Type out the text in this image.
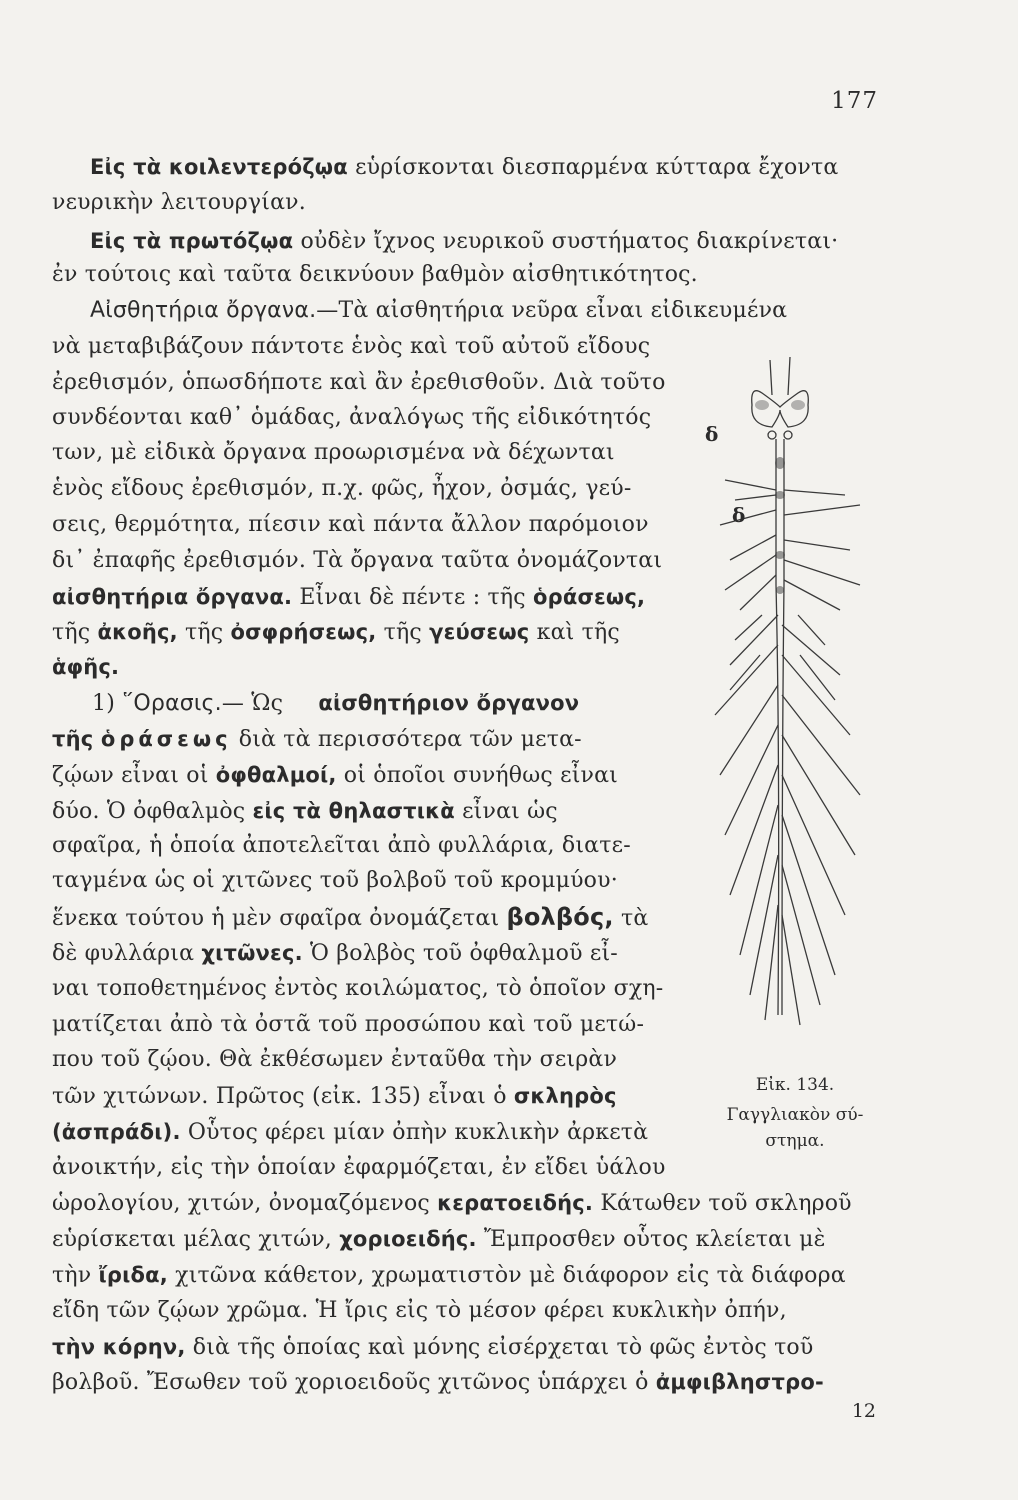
177
Εἰς τὰ κοιλεντερόζῳα εὑρίσκονται διεσπαρμένα κύτταρα ἔχοντα
νευρικὴν λειτουργίαν.
Εἰς τὰ πρωτόζῳα οὐδὲν ἴχνος νευρικοῦ συστήματος διακρίνεται·
ἐν τούτοις καὶ ταῦτα δεικνύουν βαθμὸν αἰσθητικότητος.
Αἰσθητήρια ὄργανα.—Τὰ αἰσθητήρια νεῦρα εἶναι εἰδικευμένα
νὰ μεταβιβάζουν πάντοτε ἑνὸς καὶ τοῦ αὐτοῦ εἴδους
ἐρεθισμόν, ὁπωσδήποτε καὶ ἂν ἐρεθισθοῦν. Διὰ τοῦτο
συνδέονται καθ᾽ ὁμάδας, ἀναλόγως τῆς εἰδικότητός
των, μὲ εἰδικὰ ὄργανα προωρισμένα νὰ δέχωνται
ἑνὸς εἴδους ἐρεθισμόν, π.χ. φῶς, ἦχον, ὀσμάς, γεύ-
σεις, θερμότητα, πίεσιν καὶ πάντα ἄλλον παρόμοιον
δι᾽ ἐπαφῆς ἐρεθισμόν. Τὰ ὄργανα ταῦτα ὀνομάζονται
αἰσθητήρια ὄργανα. Εἶναι δὲ πέντε : τῆς ὁράσεως,
τῆς ἀκοῆς, τῆς ὀσφρήσεως, τῆς γεύσεως καὶ τῆς
ἁφῆς.
1) ῞Ορασις.— Ὡς αἰσθητήριον ὄργανον
τῆς ὁράσεως διὰ τὰ περισσότερα τῶν μετα-
ζῴων εἶναι οἱ ὀφθαλμοί, οἱ ὁποῖοι συνήθως εἶναι
δύο. Ὁ ὀφθαλμὸς εἰς τὰ θηλαστικὰ εἶναι ὡς
σφαῖρα, ἡ ὁποία ἀποτελεῖται ἀπὸ φυλλάρια, διατε-
ταγμένα ὡς οἱ χιτῶνες τοῦ βολβοῦ τοῦ κρομμύου·
ἕνεκα τούτου ἡ μὲν σφαῖρα ὀνομάζεται βολβός, τὰ
δὲ φυλλάρια χιτῶνες. Ὁ βολβὸς τοῦ ὀφθαλμοῦ εἶ-
ναι τοποθετημένος ἐντὸς κοιλώματος, τὸ ὁποῖον σχη-
ματίζεται ἀπὸ τὰ ὀστᾶ τοῦ προσώπου καὶ τοῦ μετώ-
που τοῦ ζῴου. Θὰ ἐκθέσωμεν ἐνταῦθα τὴν σειρὰν
τῶν χιτώνων. Πρῶτος (εἰκ. 135) εἶναι ὁ σκληρὸς
(ἀσπράδι). Οὗτος φέρει μίαν ὀπὴν κυκλικὴν ἀρκετὰ
ἀνοικτήν, εἰς τὴν ὁποίαν ἐφαρμόζεται, ἐν εἴδει ὑάλου
ὡρολογίου, χιτών, ὀνομαζόμενος κερατοειδής. Κάτωθεν τοῦ σκληροῦ
εὑρίσκεται μέλας χιτών, χοριοειδής. Ἔμπροσθεν οὗτος κλείεται μὲ
τὴν ἴριδα, χιτῶνα κάθετον, χρωματιστὸν μὲ διάφορον εἰς τὰ διάφορα
εἴδη τῶν ζῴων χρῶμα. Ἡ ἴρις εἰς τὸ μέσον φέρει κυκλικὴν ὀπήν,
τὴν κόρην, διὰ τῆς ὁποίας καὶ μόνης εἰσέρχεται τὸ φῶς ἐντὸς τοῦ
βολβοῦ. Ἔσωθεν τοῦ χοριοειδοῦς χιτῶνος ὑπάρχει ὁ ἀμφιβληστρο-
δ
δ
Εἰκ. 134.
Γαγγλιακὸν σύ-
στημα.
12
